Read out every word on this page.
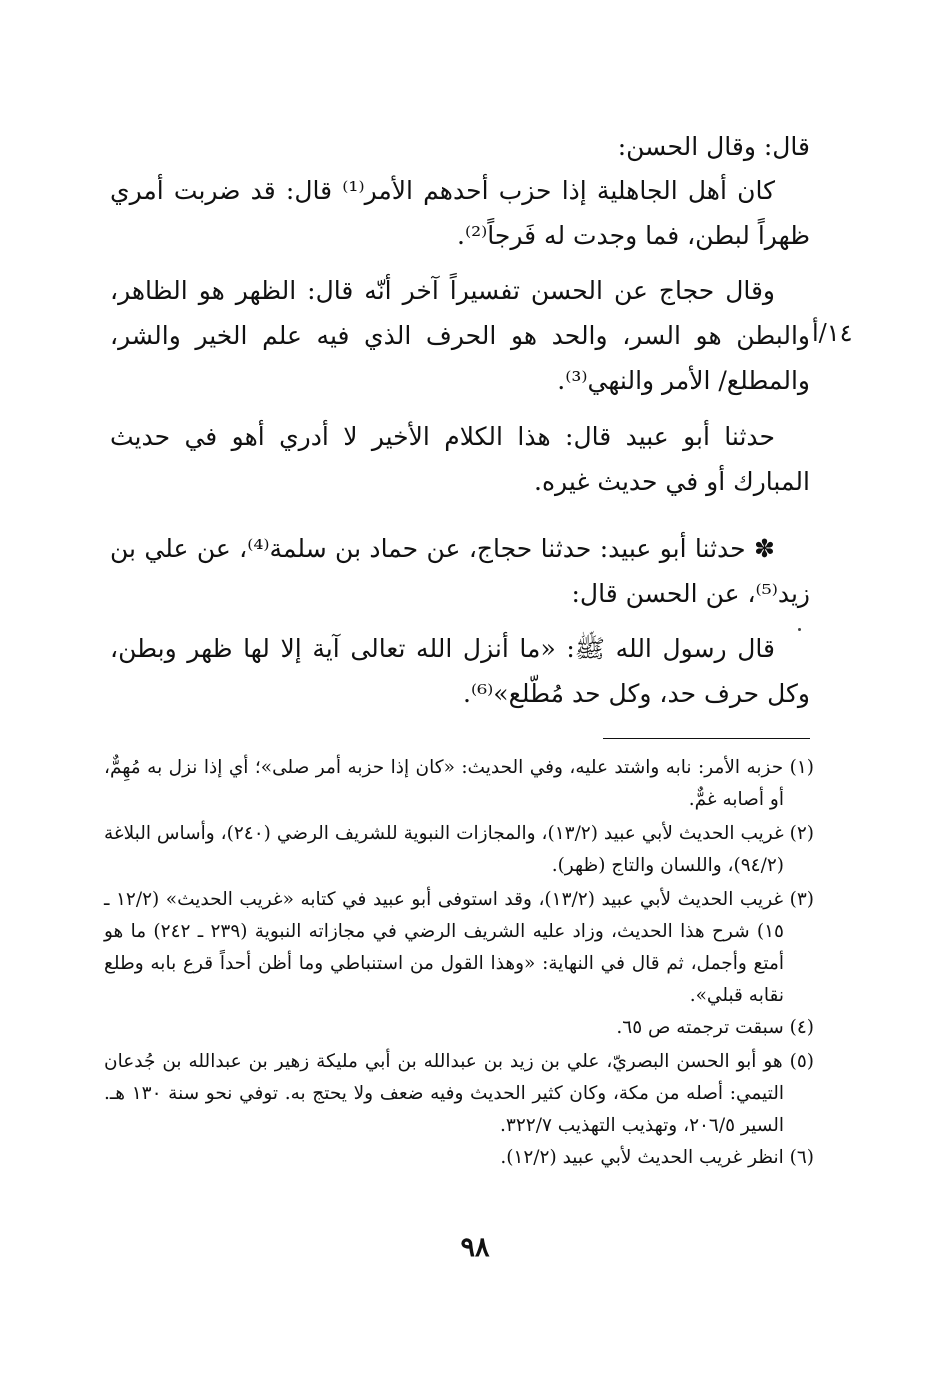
قال: وقال الحسن:

كان أهل الجاهلية إذا حزب أحدهم الأمر⁽¹⁾ قال: قد ضربت أمري ظهراً لبطن، فما وجدت له فَرجاً⁽²⁾.

وقال حجاج عن الحسن تفسيراً آخر أنّه قال: الظهر هو الظاهر، والبطن هو السر، والحد هو الحرف الذي فيه علم الخير والشر، والمطلع/ الأمر والنهي⁽³⁾.

١٤/أ

حدثنا أبو عبيد قال: هذا الكلام الأخير لا أدري أهو في حديث المبارك أو في حديث غيره.

✽ حدثنا أبو عبيد: حدثنا حجاج، عن حماد بن سلمة⁽⁴⁾، عن علي بن زيد⁽⁵⁾، عن الحسن قال:

قال رسول الله ﷺ: «ما أنزل الله تعالى آية إلا لها ظهر وبطن، وكل حرف حد، وكل حد مُطّلع»⁽⁶⁾.

(١) حزبه الأمر: نابه واشتد عليه، وفي الحديث: «كان إذا حزبه أمر صلى»؛ أي إذا نزل به مُهِمٌّ، أو أصابه غمٌّ.

(٢) غريب الحديث لأبي عبيد (١٣/٢)، والمجازات النبوية للشريف الرضي (٢٤٠)، وأساس البلاغة (٩٤/٢)، واللسان والتاج (ظهر).

(٣) غريب الحديث لأبي عبيد (١٣/٢)، وقد استوفى أبو عبيد في كتابه «غريب الحديث» (١٢/٢ ـ ١٥) شرح هذا الحديث، وزاد عليه الشريف الرضي في مجازاته النبوية (٢٣٩ ـ ٢٤٢) ما هو أمتع وأجمل، ثم قال في النهاية: «وهذا القول من استنباطي وما أظن أحداً قرع بابه وطلع نقابه قبلي».

(٤) سبقت ترجمته ص ٦٥.

(٥) هو أبو الحسن البصريّ، علي بن زيد بن عبدالله بن أبي مليكة زهير بن عبدالله بن جُدعان التيمي: أصله من مكة، وكان كثير الحديث وفيه ضعف ولا يحتج به. توفي نحو سنة ١٣٠ هـ. السير ٢٠٦/٥، وتهذيب التهذيب ٣٢٢/٧.

(٦) انظر غريب الحديث لأبي عبيد (١٢/٢).

٩٨
